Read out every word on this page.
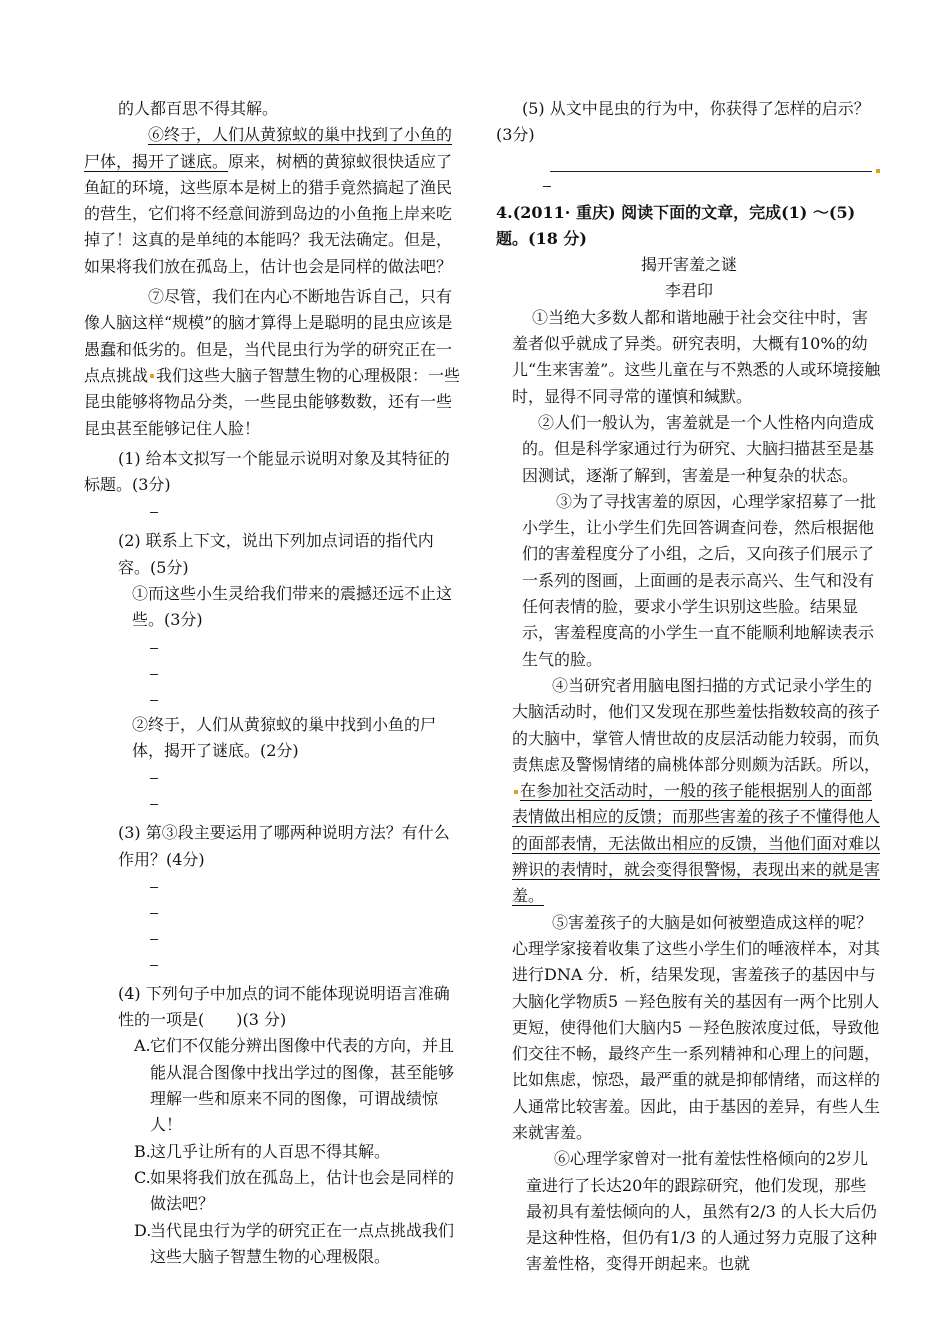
的人都百思不得其解。

⑥终于，人们从黄猄蚁的巢中找到了小鱼的尸体，揭开了谜底。原来，树栖的黄猄蚁很快适应了鱼缸的环境，这些原本是树上的猎手竟然搞起了渔民的营生，它们将不经意间游到岛边的小鱼拖上岸来吃掉了！这真的是单纯的本能吗？我无法确定。但是，如果将我们放在孤岛上，估计也会是同样的做法吧？

⑦尽管，我们在内心不断地告诉自己，只有像人脑这样“规模”的脑才算得上是聪明的昆虫应该是愚蠢和低劣的。但是，当代昆虫行为学的研究正在一点点挑战 我们这些大脑子智慧生物的心理极限：一些昆虫能够将物品分类，一些昆虫能够数数，还有一些昆虫甚至能够记住人脸！

(1) 给本文拟写一个能显示说明对象及其特征的标题。(3分)

(2) 联系上下文，说出下列加点词语的指代内容。(5分)

①而这些小生灵给我们带来的震撼还远不止这些。(3分)

②终于，人们从黄猄蚁的巢中找到小鱼的尸体，揭开了谜底。(2分)

(3) 第③段主要运用了哪两种说明方法？有什么作用？(4分)

(4) 下列句子中加点的词不能体现说明语言准确性的一项是(　　)(3 分)

A.它们不仅能分辨出图像中代表的方向，并且能从混合图像中找出学过的图像，甚至能够理解一些和原来不同的图像，可谓战绩惊人！

B.这几乎让所有的人百思不得其解。

C.如果将我们放在孤岛上，估计也会是同样的做法吧？

D.当代昆虫行为学的研究正在一点点挑战我们这些大脑子智慧生物的心理极限。

(5) 从文中昆虫的行为中，你获得了怎样的启示？(3分)

4.(2011· 重庆) 阅读下面的文章，完成(1) ～(5)题。(18 分)

揭开害羞之谜

李君印

①当绝大多数人都和谐地融于社会交往中时，害羞者似乎就成了异类。研究表明，大概有10%的幼儿“生来害羞”。这些儿童在与不熟悉的人或环境接触时，显得不同寻常的谨慎和缄默。

②人们一般认为，害羞就是一个人性格内向造成的。但是科学家通过行为研究、大脑扫描甚至是基因测试，逐渐了解到，害羞是一种复杂的状态。

③为了寻找害羞的原因，心理学家招募了一批小学生，让小学生们先回答调查问卷，然后根据他们的害羞程度分了小组，之后，又向孩子们展示了一系列的图画，上面画的是表示高兴、生气和没有任何表情的脸，要求小学生识别这些脸。结果显示，害羞程度高的小学生一直不能顺利地解读表示生气的脸。

④当研究者用脑电图扫描的方式记录小学生的大脑活动时，他们又发现在那些羞怯指数较高的孩子的大脑中，掌管人情世故的皮层活动能力较弱，而负责焦虑及警惕情绪的扁桃体部分则颇为活跃。所以，在参加社交活动时，一般的孩子能根据别人的面部表情做出相应的反馈；而那些害羞的孩子不懂得他人的面部表情，无法做出相应的反馈，当他们面对难以辨识的表情时，就会变得很警惕，表现出来的就是害羞。

⑤害羞孩子的大脑是如何被塑造成这样的呢？心理学家接着收集了这些小学生们的唾液样本，对其进行DNA 分．析，结果发现，害羞孩子的基因中与大脑化学物质5 －羟色胺有关的基因有一两个比别人更短，使得他们大脑内5 －羟色胺浓度过低，导致他们交往不畅，最终产生一系列精神和心理上的问题，比如焦虑，惊恐，最严重的就是抑郁情绪，而这样的人通常比较害羞。因此，由于基因的差异，有些人生来就害羞。

⑥心理学家曾对一批有羞怯性格倾向的2岁儿童进行了长达20年的跟踪研究，他们发现，那些最初具有羞怯倾向的人，虽然有2/3 的人长大后仍是这种性格，但仍有1/3 的人通过努力克服了这种害羞性格，变得开朗起来。也就
